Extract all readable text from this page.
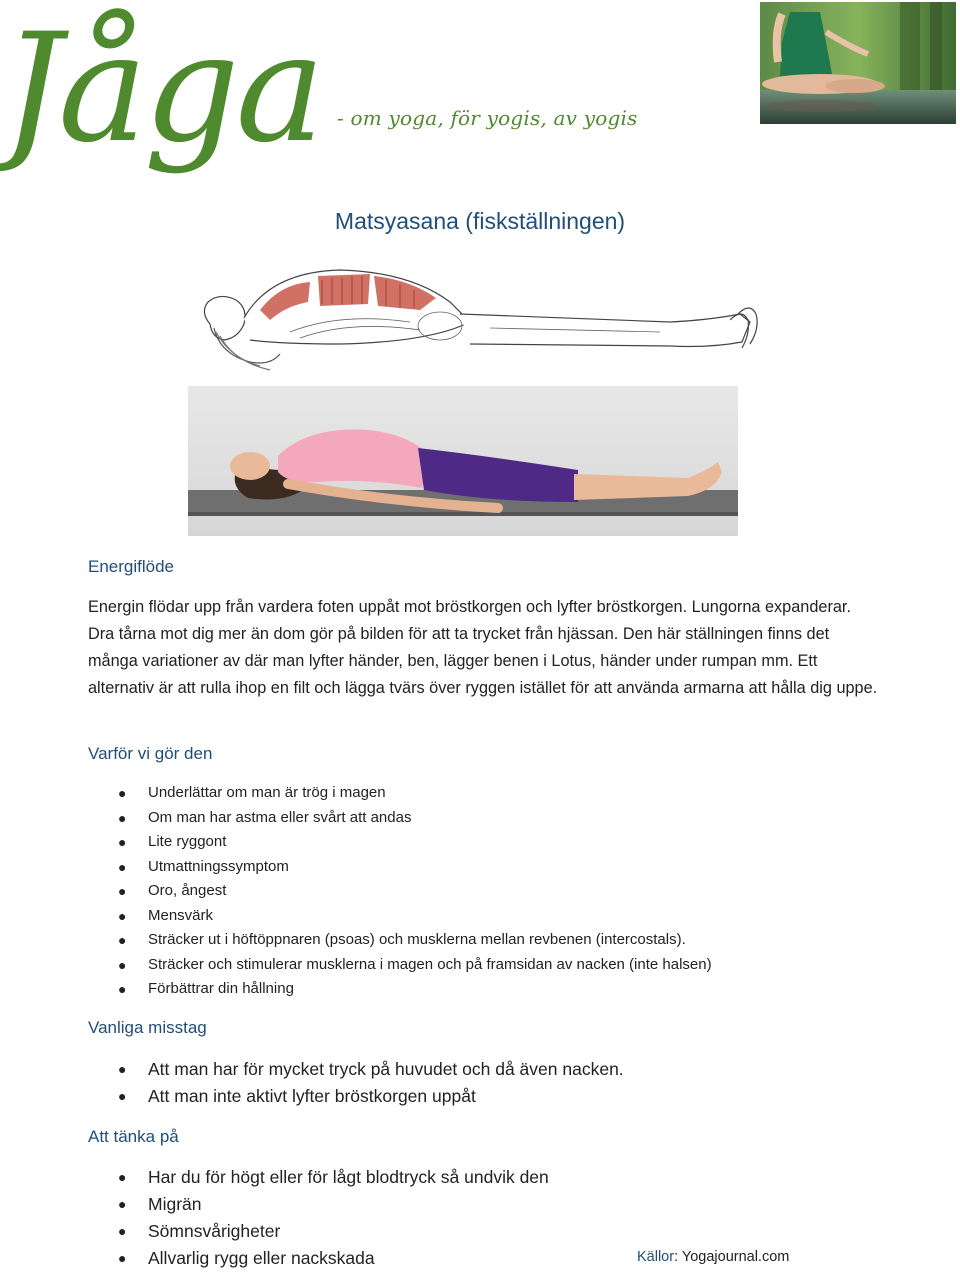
Jåga - om yoga, för yogis, av yogis
Matsyasana (fiskställningen)
Energiflöde

Energin flödar upp från vardera foten uppåt mot bröstkorgen och lyfter bröstkorgen. Lungorna expanderar. Dra tårna mot dig mer än dom gör på bilden för att ta trycket från hjässan. Den här ställningen finns det många variationer av där man lyfter händer, ben, lägger benen i Lotus, händer under rumpan mm. Ett alternativ är att rulla ihop en filt och lägga tvärs över ryggen istället för att använda armarna att hålla dig uppe.

Varför vi gör den
● Underlättar om man är trög i magen
● Om man har astma eller svårt att andas
● Lite ryggont
● Utmattningssymptom
● Oro, ångest
● Mensvärk
● Sträcker ut i höftöppnaren (psoas) och musklerna mellan revbenen (intercostals).
● Sträcker och stimulerar musklerna i magen och på framsidan av nacken (inte halsen)
● Förbättrar din hållning
Vanliga misstag
● Att man har för mycket tryck på huvudet och då även nacken.
● Att man inte aktivt lyfter bröstkorgen uppåt
Att tänka på
● Har du för högt eller för lågt blodtryck så undvik den
● Migrän
● Sömnsvårigheter
● Allvarlig rygg eller nackskada	Källor: Yogajournal.com
